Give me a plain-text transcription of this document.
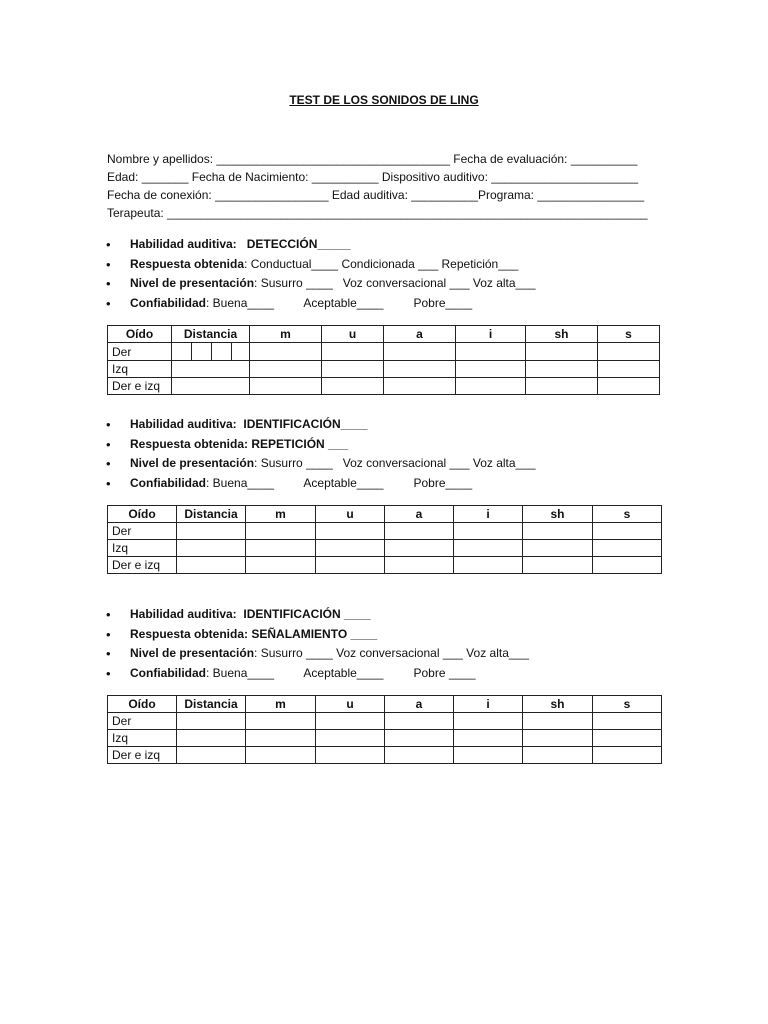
TEST DE LOS SONIDOS DE LING
Nombre y apellidos: ___________________________________ Fecha de evaluación: __________
Edad: _______ Fecha de Nacimiento: __________ Dispositivo auditivo: ______________________
Fecha de conexión: _________________ Edad auditiva: __________Programa: ________________
Terapeuta: ________________________________________________________________________
• Habilidad auditiva:   DETECCIÓN_____
• Respuesta obtenida: Conductual____ Condicionada ___ Repetición___
• Nivel de presentación: Susurro ____   Voz conversacional ___ Voz alta___
• Confiabilidad: Buena____         Aceptable____         Pobre____
Oído	Distancia	m	u	a	i	sh	s
Der	

Izq							
Der e izq							
• Habilidad auditiva:  IDENTIFICACIÓN____
• Respuesta obtenida: REPETICIÓN ___
• Nivel de presentación: Susurro ____   Voz conversacional ___ Voz alta___
• Confiabilidad: Buena____         Aceptable____         Pobre____
Oído	Distancia	m	u	a	i	sh	s
Der							
Izq							
Der e izq							
• Habilidad auditiva:  IDENTIFICACIÓN ____
• Respuesta obtenida: SEÑALAMIENTO ____
• Nivel de presentación: Susurro ____ Voz conversacional ___ Voz alta___
• Confiabilidad: Buena____         Aceptable____         Pobre ____
Oído	Distancia	m	u	a	i	sh	s
Der							
Izq							
Der e izq							
